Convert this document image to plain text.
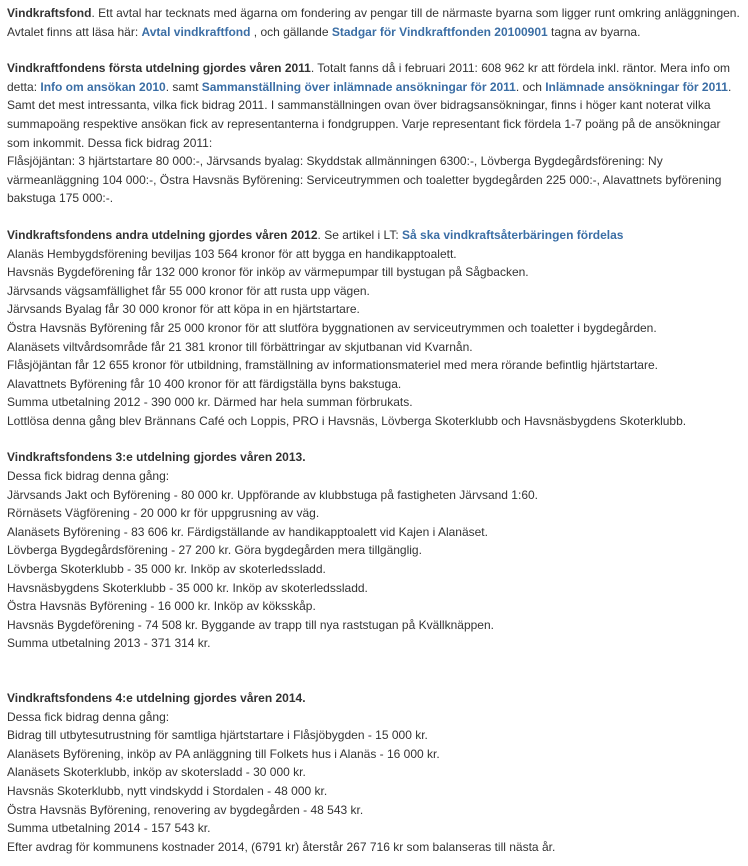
Vindkraftsfond. Ett avtal har tecknats med ägarna om fondering av pengar till de närmaste byarna som ligger runt omkring anläggningen. Avtalet finns att läsa här: Avtal vindkraftfond , och gällande Stadgar för Vindkraftfonden 20100901 tagna av byarna.

Vindkraftfondens första utdelning gjordes våren 2011. Totalt fanns då i februari 2011: 608 962 kr att fördela inkl. räntor. Mera info om detta: Info om ansökan 2010. samt Sammanställning över inlämnade ansökningar för 2011. och Inlämnade ansökningar för 2011. Samt det mest intressanta, vilka fick bidrag 2011. I sammanställningen ovan över bidragsansökningar, finns i höger kant noterat vilka summapoäng respektive ansökan fick av representanterna i fondgruppen. Varje representant fick fördela 1-7 poäng på de ansökningar som inkommit. Dessa fick bidrag 2011:
Flåsjöjäntan: 3 hjärtstartare 80 000:-, Järvsands byalag: Skyddstak allmänningen 6300:-, Lövberga Bygdegårdsförening: Ny värmeanläggning 104 000:-, Östra Havsnäs Byförening: Serviceutrymmen och toaletter bygdegården 225 000:-, Alavattnets byförening bakstuga 175 000:-.

Vindkraftsfondens andra utdelning gjordes våren 2012. Se artikel i LT: Så ska vindkraftsåterbäringen fördelas
Alanäs Hembygdsförening beviljas 103 564 kronor för att bygga en handikapptoalett.
Havsnäs Bygdeförening får 132 000 kronor för inköp av värmepumpar till bystugan på Sågbacken.
Järvsands vägsamfällighet får 55 000 kronor för att rusta upp vägen.
Järvsands Byalag får 30 000 kronor för att köpa in en hjärtstartare.
Östra Havsnäs Byförening får 25 000 kronor för att slutföra byggnationen av serviceutrymmen och toaletter i bygdegården.
Alanäsets viltvårdsområde får 21 381 kronor till förbättringar av skjutbanan vid Kvarnån.
Flåsjöjäntan får 12 655 kronor för utbildning, framställning av informationsmateriel med mera rörande befintlig hjärtstartare.
Alavattnets Byförening får 10 400 kronor för att färdigställa byns bakstuga.
Summa utbetalning 2012 - 390 000 kr. Därmed har hela summan förbrukats.
Lottlösa denna gång blev Brännans Café och Loppis, PRO i Havsnäs, Lövberga Skoterklubb och Havsnäsbygdens Skoterklubb.

Vindkraftsfondens 3:e utdelning gjordes våren 2013.
Dessa fick bidrag denna gång:
Järvsands Jakt och Byförening - 80 000 kr. Uppförande av klubbstuga på fastigheten Järvsand 1:60.
Rörnäsets Vägförening - 20 000 kr för uppgrusning av väg.
Alanäsets Byförening - 83 606 kr. Färdigställande av handikapptoalett vid Kajen i Alanäset.
Lövberga Bygdegårdsförening - 27 200 kr. Göra bygdegården mera tillgänglig.
Lövberga Skoterklubb - 35 000 kr. Inköp av skoterledssladd.
Havsnäsbygdens Skoterklubb - 35 000 kr. Inköp av skoterledssladd.
Östra Havsnäs Byförening - 16 000 kr. Inköp av köksskåp.
Havsnäs Bygdeförening - 74 508 kr. Byggande av trapp till nya raststugan på Kvällknäppen.
Summa utbetalning 2013 - 371 314 kr.

Vindkraftsfondens 4:e utdelning gjordes våren 2014.
Dessa fick bidrag denna gång:
Bidrag till utbytesutrustning för samtliga hjärtstartare i Flåsjöbygden - 15 000 kr.
Alanäsets Byförening, inköp av PA anläggning till Folkets hus i Alanäs - 16 000 kr.
Alanäsets Skoterklubb, inköp av skotersladd - 30 000 kr.
Havsnäs Skoterklubb, nytt vindskydd i Stordalen - 48 000 kr.
Östra Havsnäs Byförening, renovering av bygdegården - 48 543 kr.
Summa utbetalning 2014 - 157 543 kr.
Efter avdrag för kommunens kostnader 2014, (6791 kr) återstår 267 716 kr som balanseras till nästa år.
